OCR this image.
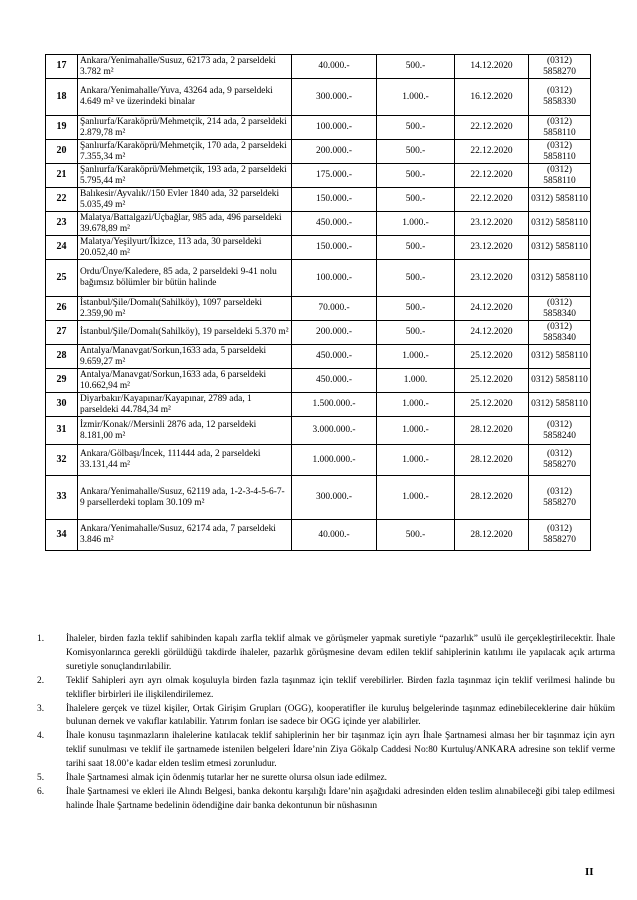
17	Ankara/Yenimahalle/Susuz, 62173 ada, 2 parseldeki 3.782 m²	40.000.-	500.-	14.12.2020	(0312) 5858270
18	Ankara/Yenimahalle/Yuva, 43264 ada, 9 parseldeki 4.649 m² ve üzerindeki binalar	300.000.-	1.000.-	16.12.2020	(0312) 5858330
19	Şanlıurfa/Karaköprü/Mehmetçik, 214 ada, 2 parseldeki 2.879,78 m²	100.000.-	500.-	22.12.2020	(0312) 5858110
20	Şanlıurfa/Karaköprü/Mehmetçik, 170 ada, 2 parseldeki 7.355,34 m²	200.000.-	500.-	22.12.2020	(0312) 5858110
21	Şanlıurfa/Karaköprü/Mehmetçik, 193 ada, 2 parseldeki 5.795,44 m²	175.000.-	500.-	22.12.2020	(0312) 5858110
22	Balıkesir/Ayvalık//150 Evler 1840 ada, 32 parseldeki 5.035,49 m²	150.000.-	500.-	22.12.2020	0312) 5858110
23	Malatya/Battalgazi/Uçbağlar, 985 ada, 496 parseldeki 39.678,89 m²	450.000.-	1.000.-	23.12.2020	0312) 5858110
24	Malatya/Yeşilyurt/İkizce, 113 ada, 30 parseldeki 20.052,40 m²	150.000.-	500.-	23.12.2020	0312) 5858110
25	Ordu/Ünye/Kaledere, 85 ada, 2 parseldeki 9-41 nolu bağımsız bölümler bir bütün halinde	100.000.-	500.-	23.12.2020	0312) 5858110
26	İstanbul/Şile/Domalı(Sahilköy), 1097 parseldeki 2.359,90 m²	70.000.-	500.-	24.12.2020	(0312) 5858340
27	İstanbul/Şile/Domalı(Sahilköy), 19 parseldeki 5.370 m²	200.000.-	500.-	24.12.2020	(0312) 5858340
28	Antalya/Manavgat/Sorkun,1633 ada, 5 parseldeki 9.659,27 m²	450.000.-	1.000.-	25.12.2020	0312) 5858110
29	Antalya/Manavgat/Sorkun,1633 ada, 6 parseldeki 10.662,94 m²	450.000.-	1.000.	25.12.2020	0312) 5858110
30	Diyarbakır/Kayapınar/Kayapınar, 2789 ada, 1 parseldeki 44.784,34 m²	1.500.000.-	1.000.-	25.12.2020	0312) 5858110
31	İzmir/Konak//Mersinli 2876 ada, 12 parseldeki 8.181,00 m²	3.000.000.-	1.000.-	28.12.2020	(0312) 5858240
32	Ankara/Gölbaşı/İncek, 111444 ada, 2 parseldeki 33.131,44 m²	1.000.000.-	1.000.-	28.12.2020	(0312) 5858270
33	Ankara/Yenimahalle/Susuz, 62119 ada, 1-2-3-4-5-6-7-9 parsellerdeki toplam 30.109 m²	300.000.-	1.000.-	28.12.2020	(0312) 5858270
34	Ankara/Yenimahalle/Susuz, 62174 ada, 7 parseldeki 3.846 m²	40.000.-	500.-	28.12.2020	(0312) 5858270
1. İhaleler, birden fazla teklif sahibinden kapalı zarfla teklif almak ve görüşmeler yapmak suretiyle “pazarlık” usulü ile gerçekleştirilecektir. İhale Komisyonlarınca gerekli görüldüğü takdirde ihaleler, pazarlık görüşmesine devam edilen teklif sahiplerinin katılımı ile yapılacak açık artırma suretiyle sonuçlandırılabilir.
2. Teklif Sahipleri ayrı ayrı olmak koşuluyla birden fazla taşınmaz için teklif verebilirler. Birden fazla taşınmaz için teklif verilmesi halinde bu teklifler birbirleri ile ilişkilendirilemez.
3. İhalelere gerçek ve tüzel kişiler, Ortak Girişim Grupları (OGG), kooperatifler ile kuruluş belgelerinde taşınmaz edinebileceklerine dair hüküm bulunan dernek ve vakıflar katılabilir. Yatırım fonları ise sadece bir OGG içinde yer alabilirler.
4. İhale konusu taşınmazların ihalelerine katılacak teklif sahiplerinin her bir taşınmaz için ayrı İhale Şartnamesi alması her bir taşınmaz için ayrı teklif sunulması ve teklif ile şartnamede istenilen belgeleri İdare’nin Ziya Gökalp Caddesi No:80 Kurtuluş/ANKARA adresine son teklif verme tarihi saat 18.00’e kadar elden teslim etmesi zorunludur.
5. İhale Şartnamesi almak için ödenmiş tutarlar her ne surette olursa olsun iade edilmez.
6. İhale Şartnamesi ve ekleri ile Alındı Belgesi, banka dekontu karşılığı İdare’nin aşağıdaki adresinden elden teslim alınabileceği gibi talep edilmesi halinde İhale Şartname bedelinin ödendiğine dair banka dekontunun bir nüshasının
II
